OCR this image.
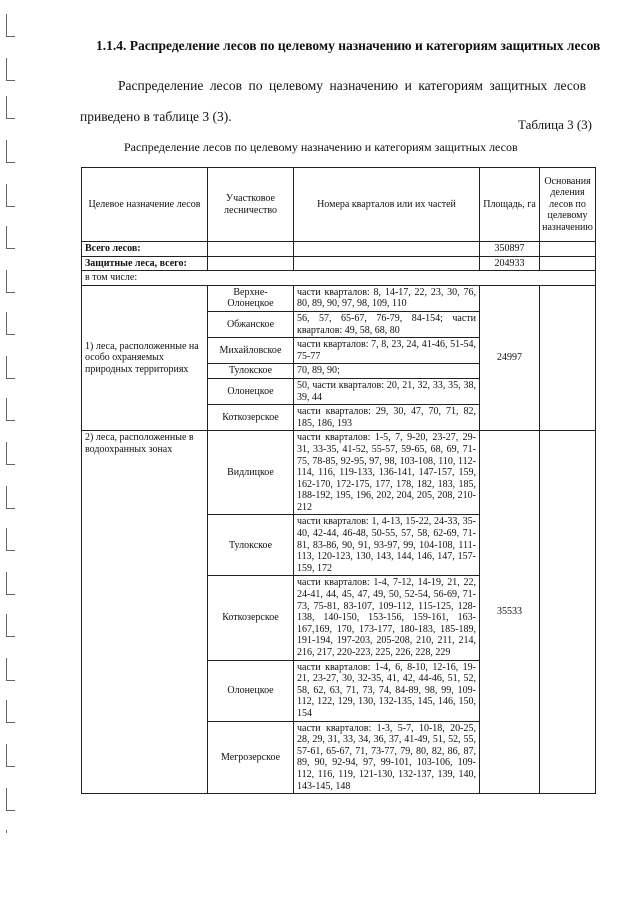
1.1.4. Распределение лесов по целевому назначению и категориям защитных лесов
Распределение лесов по целевому назначению и категориям защитных лесов приведено в таблице 3 (3).
Таблица 3 (3)
Распределение лесов по целевому назначению и категориям защитных лесов
Целевое назначение лесов	Участковое лесничество	Номера кварталов или их частей	Площадь, га	Основания деления лесов по целевому назначению
Всего лесов:			350897	
Защитные леса, всего:			204933	
в том числе:				
1) леса, расположенные на особо охраняемых природных территориях	Верхне-Олонецкое	части кварталов: 8, 14-17, 22, 23, 30, 76, 80, 89, 90, 97, 98, 109, 110	24997	
	Обжанское	56, 57, 65-67, 76-79, 84-154; части кварталов: 49, 58, 68, 80		
	Михайловское	части кварталов: 7, 8, 23, 24, 41-46, 51-54, 75-77		
	Тулокское	70, 89, 90;		
	Олонецкое	50, части кварталов: 20, 21, 32, 33, 35, 38, 39, 44		
	Коткозерское	части кварталов: 29, 30, 47, 70, 71, 82, 185, 186, 193		
2) леса, расположенные в водоохранных зонах	Видлицкое	части кварталов: 1-5, 7, 9-20, 23-27, 29-31, 33-35, 41-52, 55-57, 59-65, 68, 69, 71-75, 78-85, 92-95, 97, 98, 103-108, 110, 112-114, 116, 119-133, 136-141, 147-157, 159, 162-170, 172-175, 177, 178, 182, 183, 185, 188-192, 195, 196, 202, 204, 205, 208, 210-212	35533	
	Тулокское	части кварталов: 1, 4-13, 15-22, 24-33, 35-40, 42-44, 46-48, 50-55, 57, 58, 62-69, 71-81, 83-86, 90, 91, 93-97, 99, 104-108, 111-113, 120-123, 130, 143, 144, 146, 147, 157-159, 172		
	Коткозерское	части кварталов: 1-4, 7-12, 14-19, 21, 22, 24-41, 44, 45, 47, 49, 50, 52-54, 56-69, 71-73, 75-81, 83-107, 109-112, 115-125, 128-138, 140-150, 153-156, 159-161, 163-167,169, 170, 173-177, 180-183, 185-189, 191-194, 197-203, 205-208, 210, 211, 214, 216, 217, 220-223, 225, 226, 228, 229		
	Олонецкое	части кварталов: 1-4, 6, 8-10, 12-16, 19-21, 23-27, 30, 32-35, 41, 42, 44-46, 51, 52, 58, 62, 63, 71, 73, 74, 84-89, 98, 99, 109-112, 122, 129, 130, 132-135, 145, 146, 150, 154		
	Мегрозерское	части кварталов: 1-3, 5-7, 10-18, 20-25, 28, 29, 31, 33, 34, 36, 37, 41-49, 51, 52, 55, 57-61, 65-67, 71, 73-77, 79, 80, 82, 86, 87, 89, 90, 92-94, 97, 99-101, 103-106, 109-112, 116, 119, 121-130, 132-137, 139, 140, 143-145, 148		
